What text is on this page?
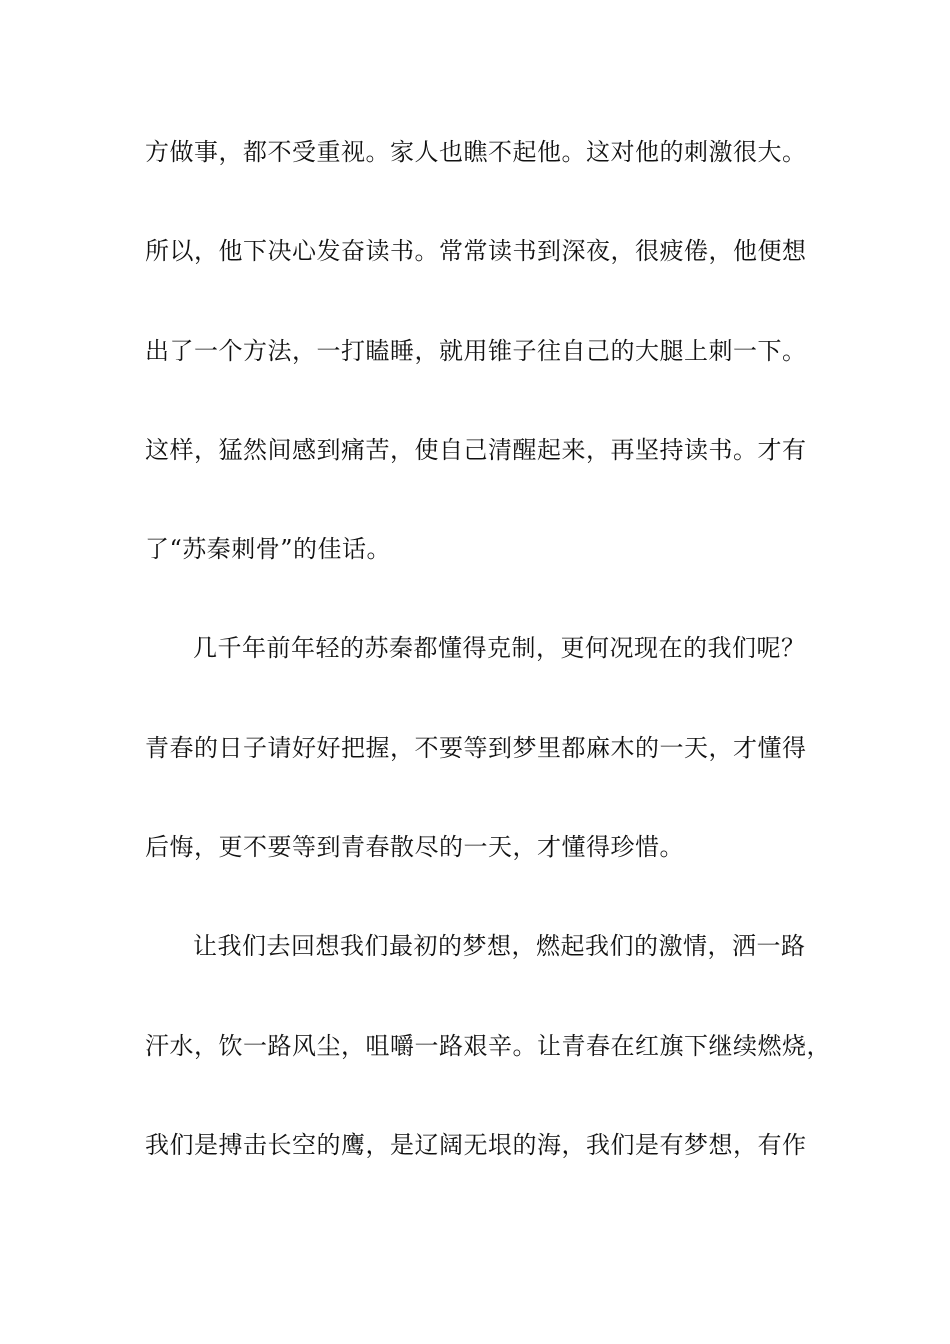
方做事，都不受重视。家人也瞧不起他。这对他的刺激很大。
所以，他下决心发奋读书。常常读书到深夜，很疲倦，他便想
出了一个方法，一打瞌睡，就用锥子往自己的大腿上刺一下。
这样，猛然间感到痛苦，使自己清醒起来，再坚持读书。才有
了“苏秦刺骨”的佳话。
几千年前年轻的苏秦都懂得克制，更何况现在的我们呢？
青春的日子请好好把握，不要等到梦里都麻木的一天，才懂得
后悔，更不要等到青春散尽的一天，才懂得珍惜。
让我们去回想我们最初的梦想，燃起我们的激情，洒一路
汗水，饮一路风尘，咀嚼一路艰辛。让青春在红旗下继续燃烧，
我们是搏击长空的鹰，是辽阔无垠的海，我们是有梦想，有作
